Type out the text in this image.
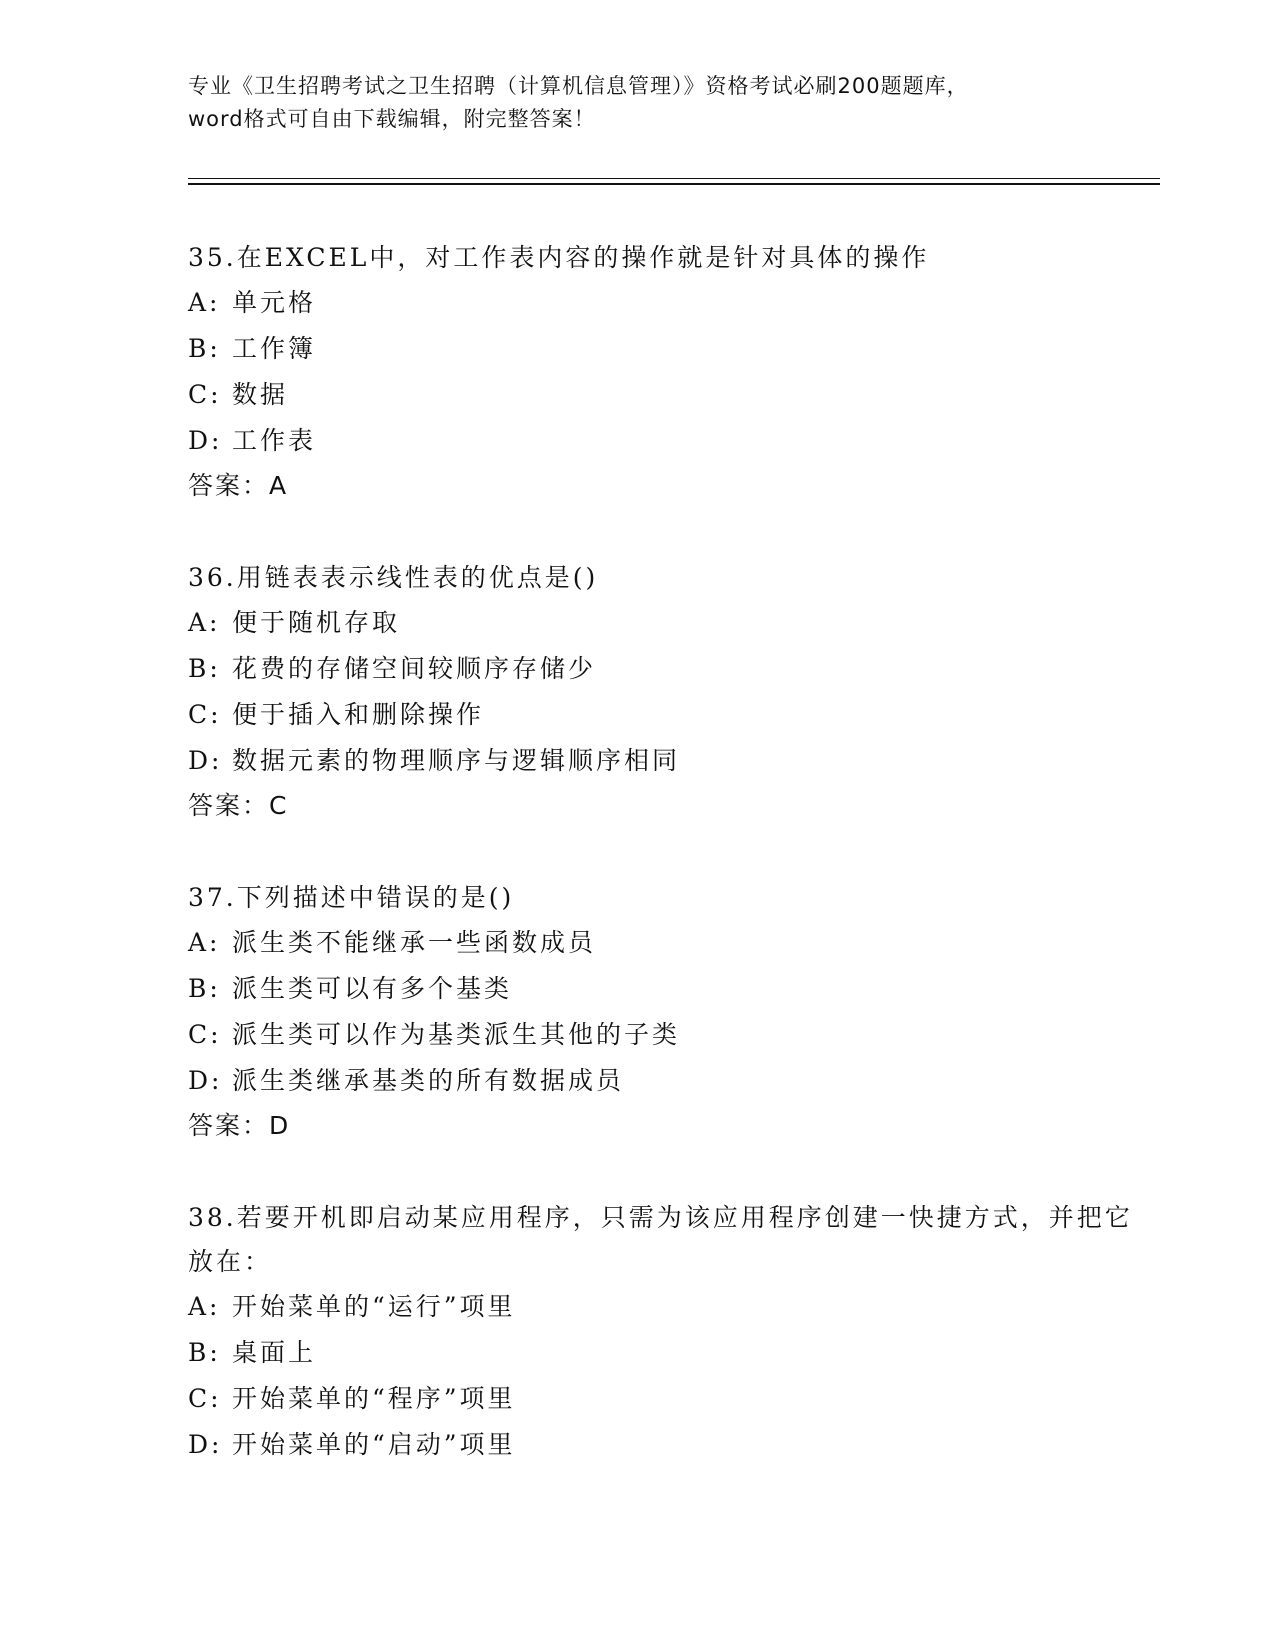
专业《卫生招聘考试之卫生招聘（计算机信息管理）》资格考试必刷200题题库，
word格式可自由下载编辑，附完整答案！

35.在EXCEL中，对工作表内容的操作就是针对具体的操作

A: 单元格

B: 工作簿

C: 数据

D: 工作表

答案：A

36.用链表表示线性表的优点是()

A: 便于随机存取

B: 花费的存储空间较顺序存储少

C: 便于插入和删除操作

D: 数据元素的物理顺序与逻辑顺序相同

答案：C

37.下列描述中错误的是()

A: 派生类不能继承一些函数成员

B: 派生类可以有多个基类

C: 派生类可以作为基类派生其他的子类

D: 派生类继承基类的所有数据成员

答案：D

38.若要开机即启动某应用程序，只需为该应用程序创建一快捷方式，并把它放在：

A: 开始菜单的“运行”项里

B: 桌面上

C: 开始菜单的“程序”项里

D: 开始菜单的“启动”项里
